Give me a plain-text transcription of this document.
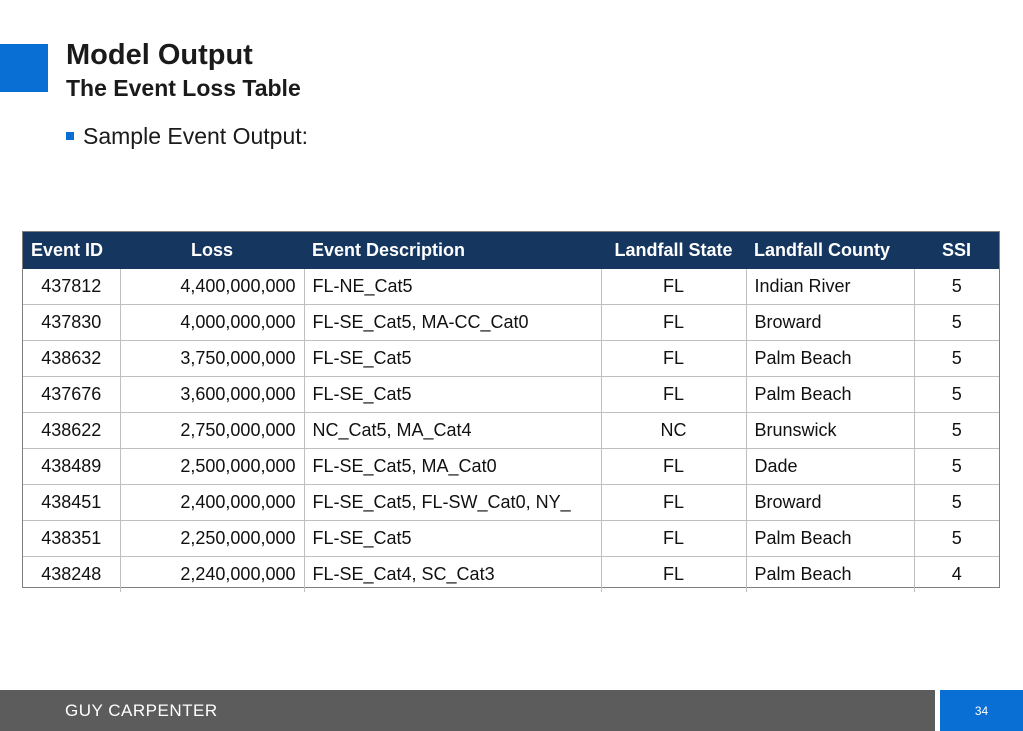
Model Output
The Event Loss Table
Sample Event Output:
Event ID	Loss	Event Description	Landfall State	Landfall County	SSI
437812	4,400,000,000	FL-NE_Cat5	FL	Indian River	5
437830	4,000,000,000	FL-SE_Cat5, MA-CC_Cat0	FL	Broward	5
438632	3,750,000,000	FL-SE_Cat5	FL	Palm Beach	5
437676	3,600,000,000	FL-SE_Cat5	FL	Palm Beach	5
438622	2,750,000,000	NC_Cat5, MA_Cat4	NC	Brunswick	5
438489	2,500,000,000	FL-SE_Cat5, MA_Cat0	FL	Dade	5
438451	2,400,000,000	FL-SE_Cat5, FL-SW_Cat0, NY_	FL	Broward	5
438351	2,250,000,000	FL-SE_Cat5	FL	Palm Beach	5
438248	2,240,000,000	FL-SE_Cat4, SC_Cat3	FL	Palm Beach	4
GUY CARPENTER	34
